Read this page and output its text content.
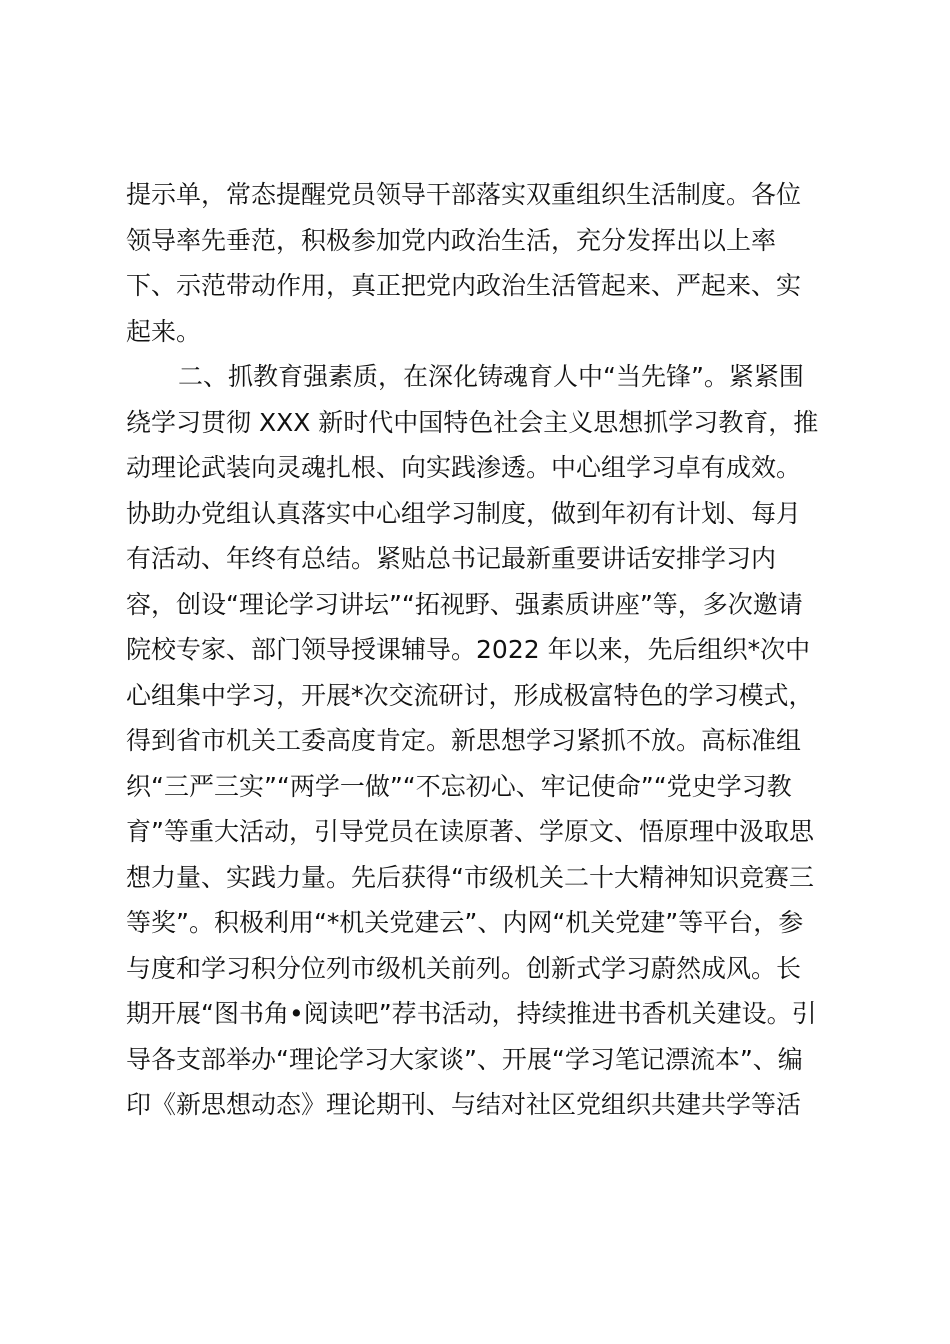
提示单，常态提醒党员领导干部落实双重组织生活制度。各位
领导率先垂范，积极参加党内政治生活，充分发挥出以上率
下、示范带动作用，真正把党内政治生活管起来、严起来、实
起来。
二、抓教育强素质，在深化铸魂育人中“当先锋”。紧紧围
绕学习贯彻 XXX 新时代中国特色社会主义思想抓学习教育，推
动理论武装向灵魂扎根、向实践渗透。中心组学习卓有成效。
协助办党组认真落实中心组学习制度，做到年初有计划、每月
有活动、年终有总结。紧贴总书记最新重要讲话安排学习内
容，创设“理论学习讲坛”“拓视野、强素质讲座”等，多次邀请
院校专家、部门领导授课辅导。2022 年以来，先后组织*次中
心组集中学习，开展*次交流研讨，形成极富特色的学习模式，
得到省市机关工委高度肯定。新思想学习紧抓不放。高标准组
织“三严三实”“两学一做”“不忘初心、牢记使命”“党史学习教
育”等重大活动，引导党员在读原著、学原文、悟原理中汲取思
想力量、实践力量。先后获得“市级机关二十大精神知识竞赛三
等奖”。积极利用“*机关党建云”、内网“机关党建”等平台，参
与度和学习积分位列市级机关前列。创新式学习蔚然成风。长
期开展“图书角•阅读吧”荐书活动，持续推进书香机关建设。引
导各支部举办“理论学习大家谈”、开展“学习笔记漂流本”、编
印《新思想动态》理论期刊、与结对社区党组织共建共学等活
